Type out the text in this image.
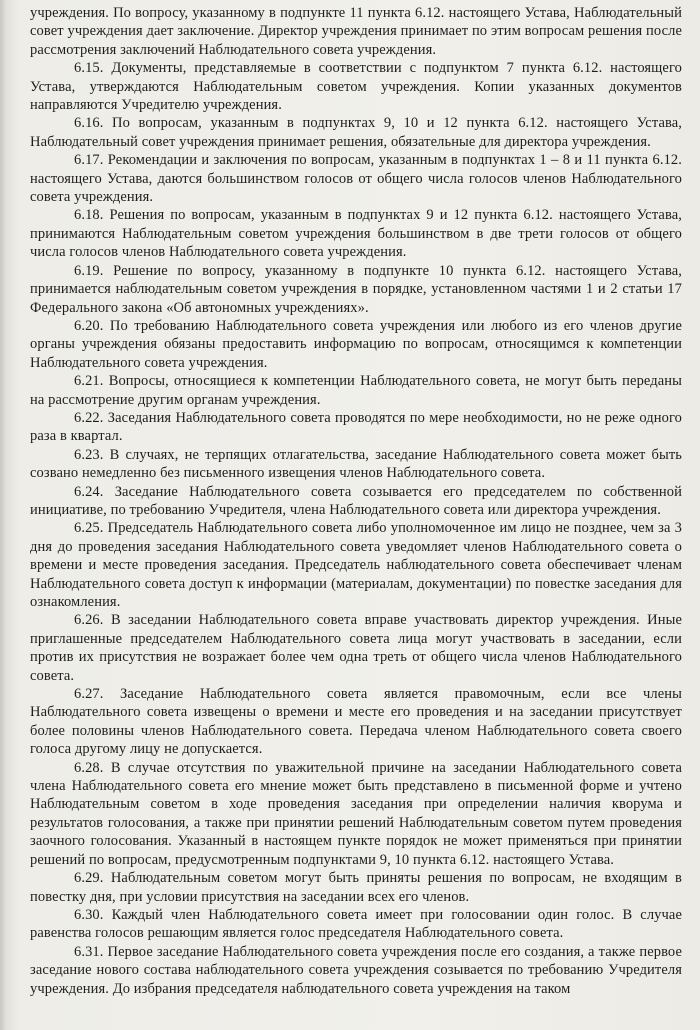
учреждения. По вопросу, указанному в подпункте 11 пункта 6.12. настоящего Устава, Наблюдательный совет учреждения дает заключение. Директор учреждения принимает по этим вопросам решения после рассмотрения заключений Наблюдательного совета учреждения.

6.15. Документы, представляемые в соответствии с подпунктом 7 пункта 6.12. настоящего Устава, утверждаются Наблюдательным советом учреждения. Копии указанных документов направляются Учредителю учреждения.

6.16. По вопросам, указанным в подпунктах 9, 10 и 12 пункта 6.12. настоящего Устава, Наблюдательный совет учреждения принимает решения, обязательные для директора учреждения.

6.17. Рекомендации и заключения по вопросам, указанным в подпунктах 1 – 8 и 11 пункта 6.12. настоящего Устава, даются большинством голосов от общего числа голосов членов Наблюдательного совета учреждения.

6.18. Решения по вопросам, указанным в подпунктах 9 и 12 пункта 6.12. настоящего Устава, принимаются Наблюдательным советом учреждения большинством в две трети голосов от общего числа голосов членов Наблюдательного совета учреждения.

6.19. Решение по вопросу, указанному в подпункте 10 пункта 6.12. настоящего Устава, принимается наблюдательным советом учреждения в порядке, установленном частями 1 и 2 статьи 17 Федерального закона «Об автономных учреждениях».

6.20. По требованию Наблюдательного совета учреждения или любого из его членов другие органы учреждения обязаны предоставить информацию по вопросам, относящимся к компетенции Наблюдательного совета учреждения.

6.21. Вопросы, относящиеся к компетенции Наблюдательного совета, не могут быть переданы на рассмотрение другим органам учреждения.

6.22. Заседания Наблюдательного совета проводятся по мере необходимости, но не реже одного раза в квартал.

6.23. В случаях, не терпящих отлагательства, заседание Наблюдательного совета может быть созвано немедленно без письменного извещения членов Наблюдательного совета.

6.24. Заседание Наблюдательного совета созывается его председателем по собственной инициативе, по требованию Учредителя, члена Наблюдательного совета или директора учреждения.

6.25. Председатель Наблюдательного совета либо уполномоченное им лицо не позднее, чем за 3 дня до проведения заседания Наблюдательного совета уведомляет членов Наблюдательного совета о времени и месте проведения заседания. Председатель наблюдательного совета обеспечивает членам Наблюдательного совета доступ к информации (материалам, документации) по повестке заседания для ознакомления.

6.26. В заседании Наблюдательного совета вправе участвовать директор учреждения. Иные приглашенные председателем Наблюдательного совета лица могут участвовать в заседании, если против их присутствия не возражает более чем одна треть от общего числа членов Наблюдательного совета.

6.27. Заседание Наблюдательного совета является правомочным, если все члены Наблюдательного совета извещены о времени и месте его проведения и на заседании присутствует более половины членов Наблюдательного совета. Передача членом Наблюдательного совета своего голоса другому лицу не допускается.

6.28. В случае отсутствия по уважительной причине на заседании Наблюдательного совета члена Наблюдательного совета его мнение может быть представлено в письменной форме и учтено Наблюдательным советом в ходе проведения заседания при определении наличия кворума и результатов голосования, а также при принятии решений Наблюдательным советом путем проведения заочного голосования. Указанный в настоящем пункте порядок не может применяться при принятии решений по вопросам, предусмотренным подпунктами 9, 10 пункта 6.12. настоящего Устава.

6.29. Наблюдательным советом могут быть приняты решения по вопросам, не входящим в повестку дня, при условии присутствия на заседании всех его членов.

6.30. Каждый член Наблюдательного совета имеет при голосовании один голос. В случае равенства голосов решающим является голос председателя Наблюдательного совета.

6.31. Первое заседание Наблюдательного совета учреждения после его создания, а также первое заседание нового состава наблюдательного совета учреждения созывается по требованию Учредителя учреждения. До избрания председателя наблюдательного совета учреждения на таком
